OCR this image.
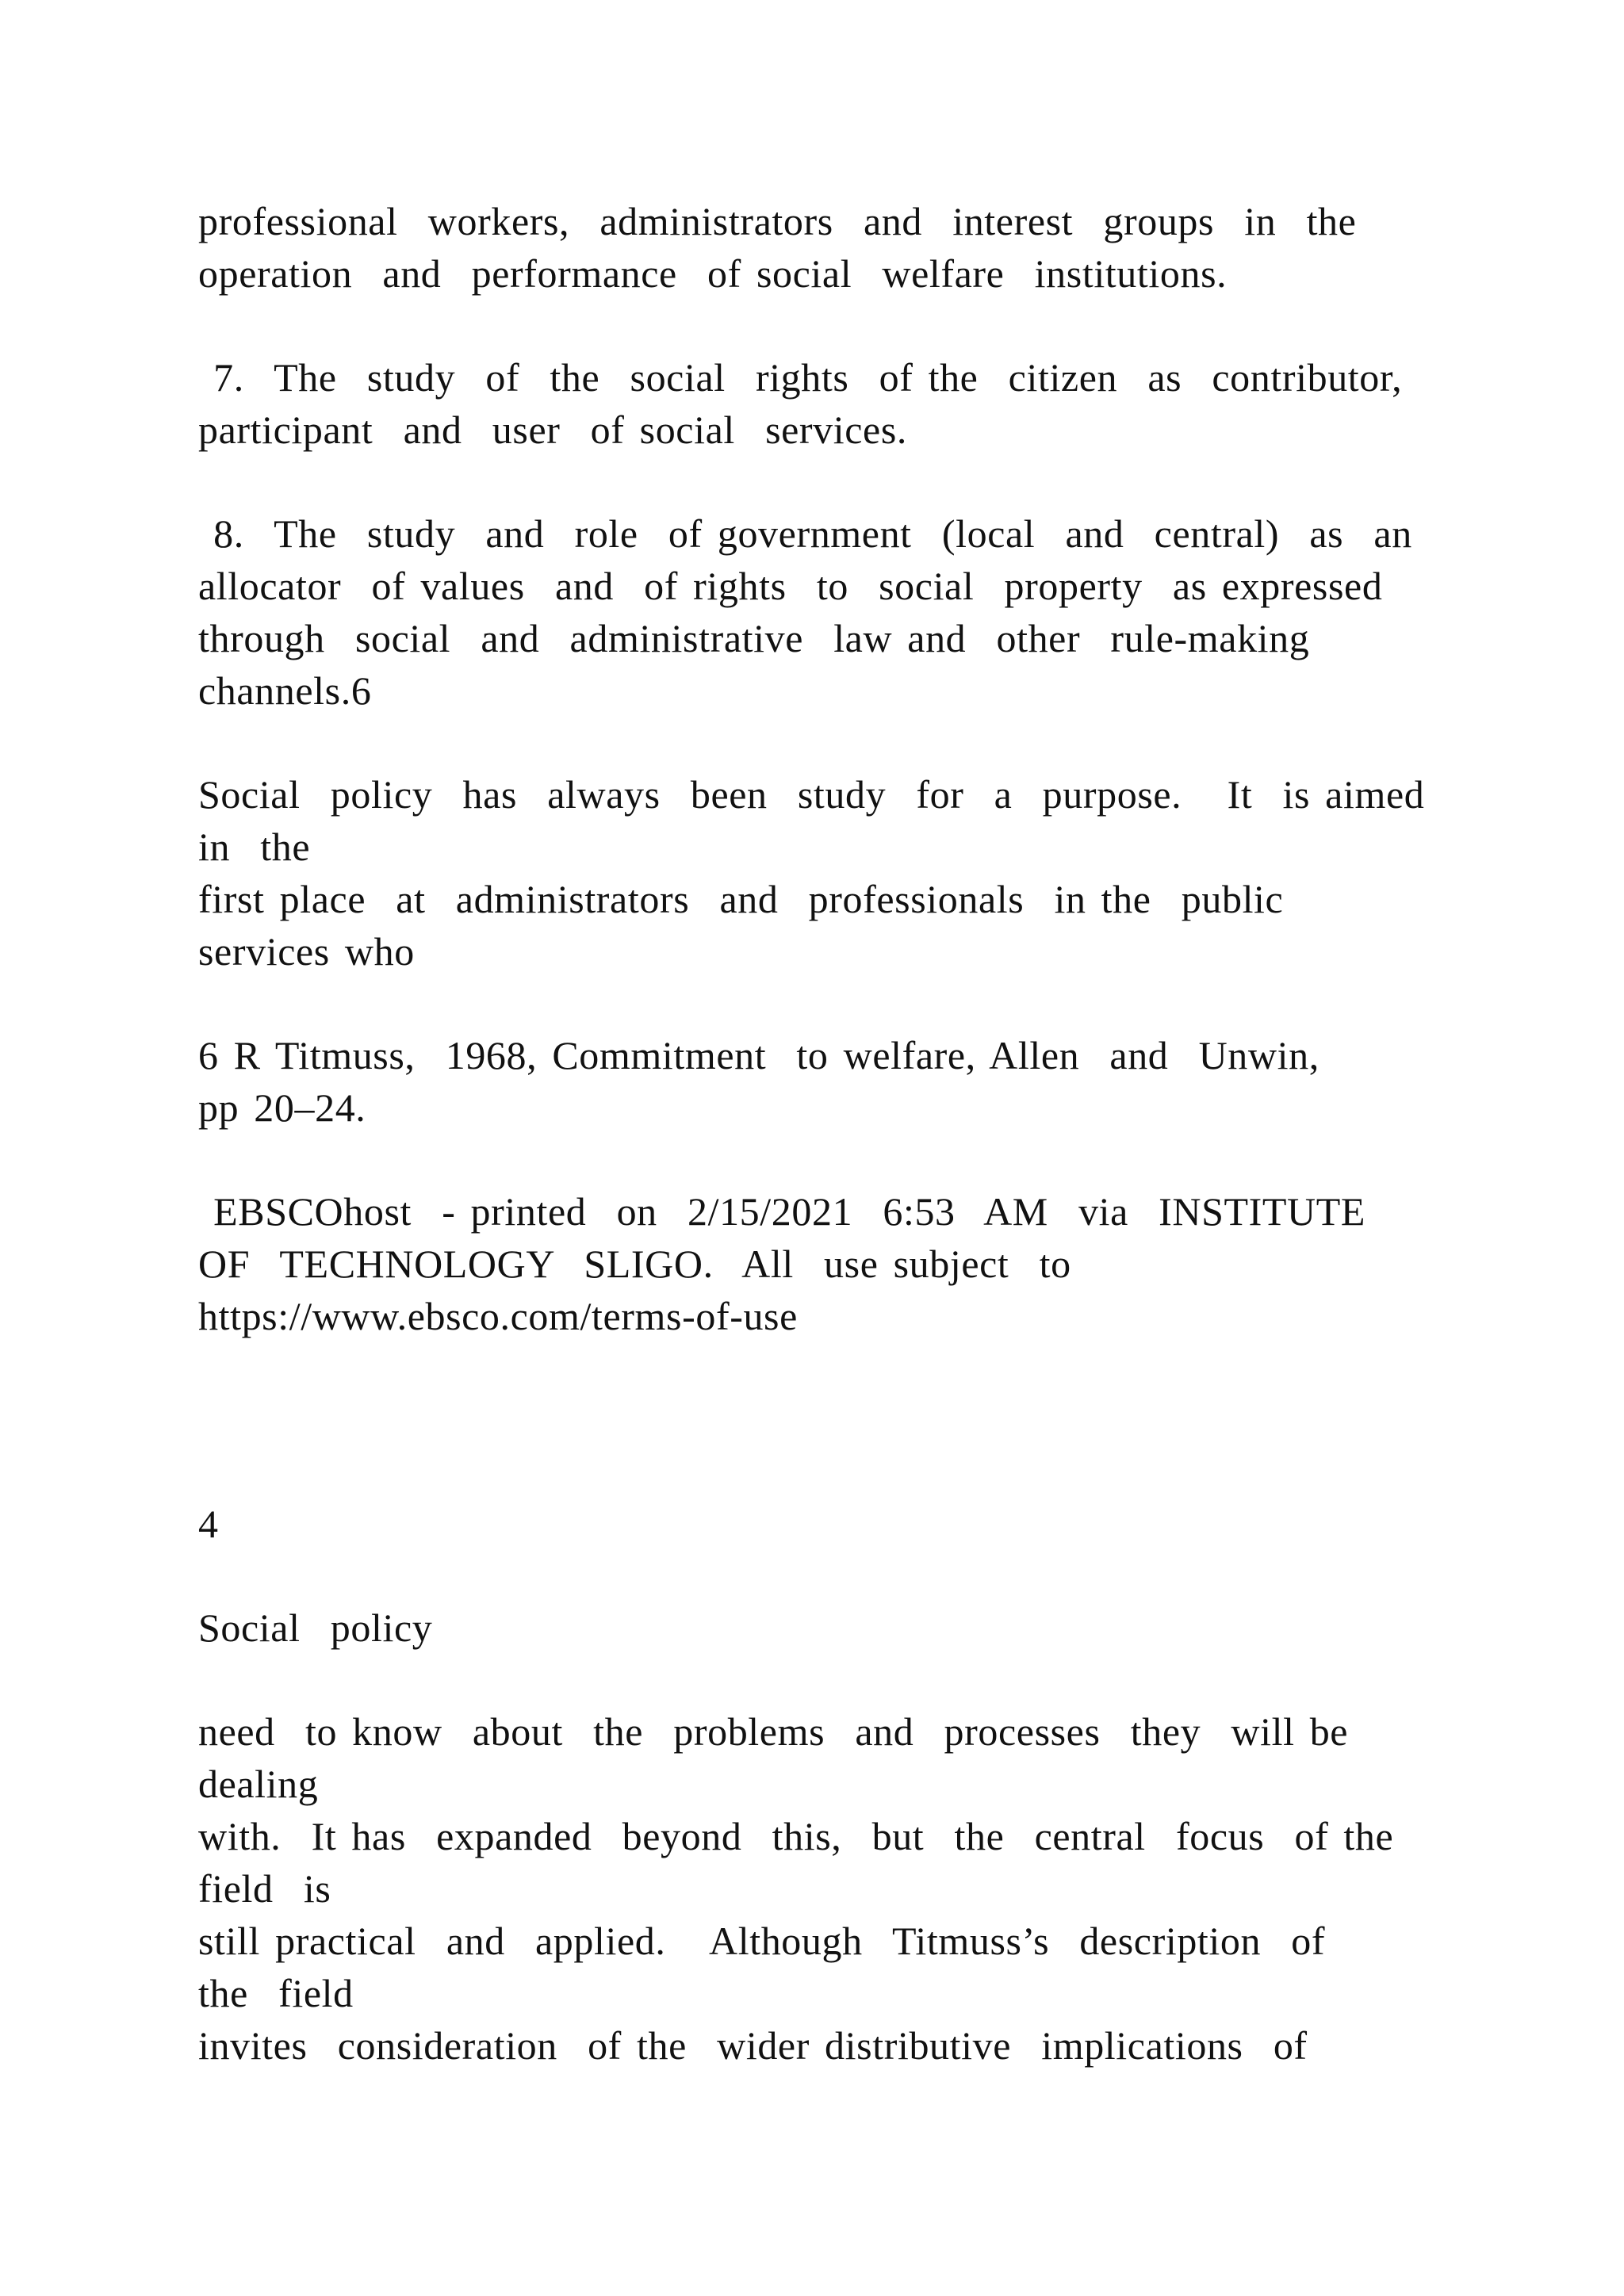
professional  workers,  administrators  and  interest  groups  in  the

operation  and  performance  of social  welfare  institutions.

7.  The  study  of  the  social  rights  of the  citizen  as  contributor,

participant  and  user  of social  services.

8.  The  study  and  role  of government  (local  and  central)  as  an

allocator  of values  and  of rights  to  social  property  as expressed

through  social  and  administrative  law and  other  rule-making

channels.6

Social  policy  has  always  been  study  for  a  purpose.   It  is aimed

in  the

first place  at  administrators  and  professionals  in the  public

services who

6 R Titmuss,  1968, Commitment  to welfare, Allen  and  Unwin,

pp 20–24.

EBSCOhost  - printed  on  2/15/2021  6:53  AM  via  INSTITUTE

OF  TECHNOLOGY  SLIGO.  All  use subject  to

https://www.ebsco.com/terms-of-use

4

Social  policy

need  to know  about  the  problems  and  processes  they  will be

dealing

with.  It has  expanded  beyond  this,  but  the  central  focus  of the

field  is

still practical  and  applied.   Although  Titmuss’s  description  of

the  field

invites  consideration  of the  wider distributive  implications  of
